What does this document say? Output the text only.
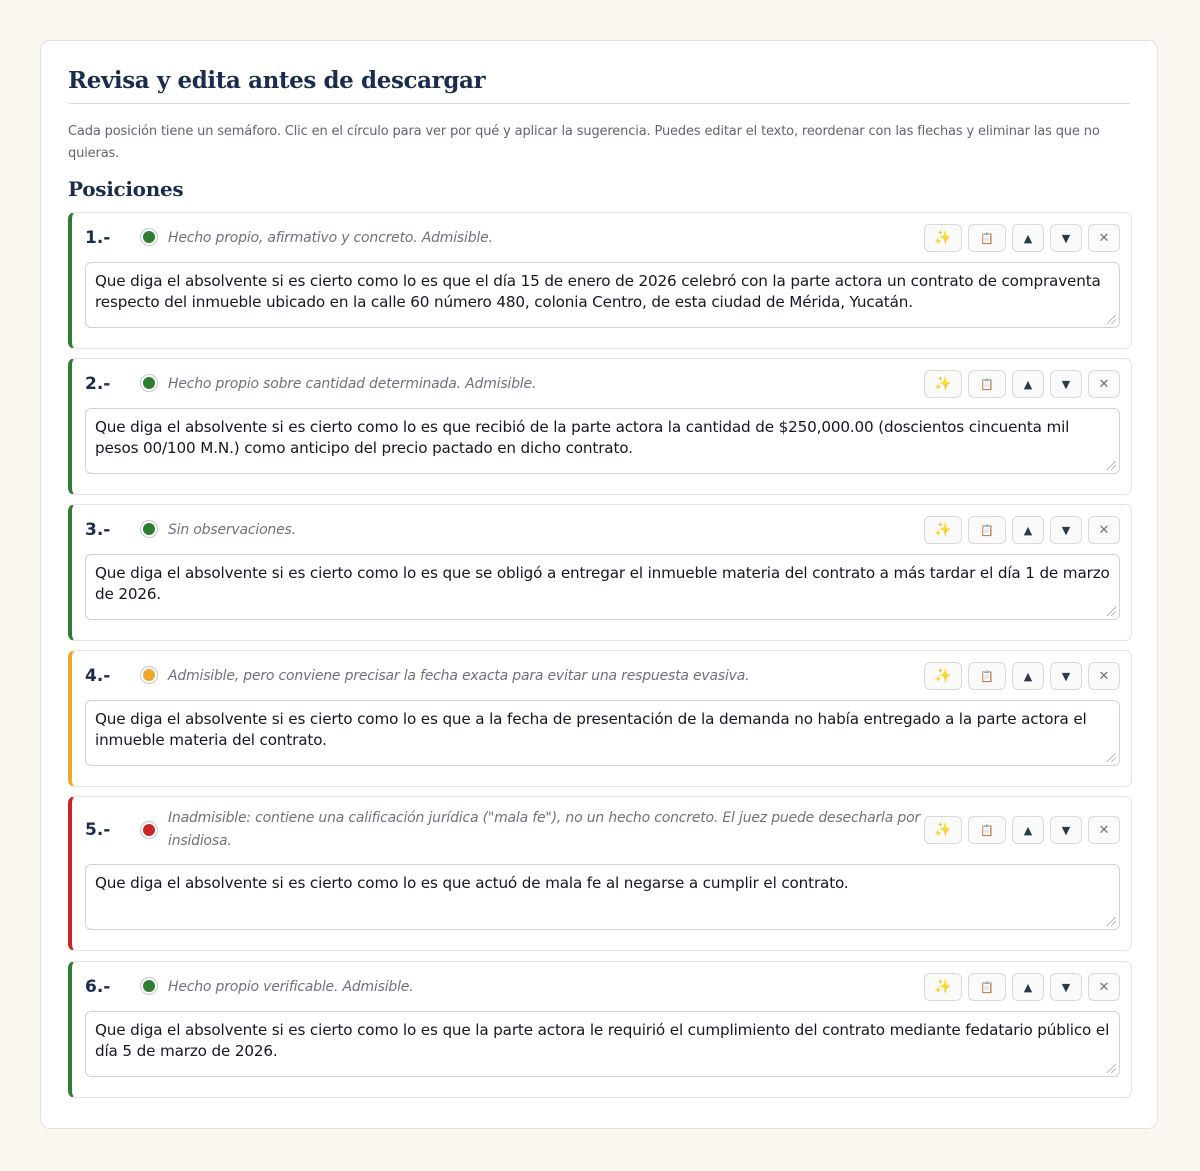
Revisa y edita antes de descargar

Cada posición tiene un semáforo. Clic en el círculo para ver por qué y aplicar la sugerencia. Puedes editar el texto, reordenar con las flechas y eliminar las que no quieras.

Posiciones
1.-	Hecho propio, afirmativo y concreto. Admisible.	✨	📋	▲	▼ ✕
Que diga el absolvente si es cierto como lo es que el día 15 de enero de 2026 celebró con la parte actora un contrato de compraventa respecto del inmueble ubicado en la calle 60 número 480, colonia Centro, de esta ciudad de Mérida, Yucatán.
2.-	Hecho propio sobre cantidad determinada. Admisible.	✨	📋	▲	▼ ✕
Que diga el absolvente si es cierto como lo es que recibió de la parte actora la cantidad de $250,000.00 (doscientos cincuenta mil pesos 00/100 M.N.) como anticipo del precio pactado en dicho contrato.
3.-	Sin observaciones.	✨	📋	▲	▼ ✕
Que diga el absolvente si es cierto como lo es que se obligó a entregar el inmueble materia del contrato a más tardar el día 1 de marzo de 2026.
4.-	Admisible, pero conviene precisar la fecha exacta para evitar una respuesta evasiva.	✨	📋	▲	▼ ✕
Que diga el absolvente si es cierto como lo es que a la fecha de presentación de la demanda no había entregado a la parte actora el inmueble materia del contrato.
5.-
Inadmisible: contiene una calificación jurídica ("mala fe"), no un hecho concreto. El juez puede desecharla por insidiosa.
✨	📋	▲	▼ ✕
Que diga el absolvente si es cierto como lo es que actuó de mala fe al negarse a cumplir el contrato.
6.-	Hecho propio verificable. Admisible.	✨	📋	▲	▼ ✕
Que diga el absolvente si es cierto como lo es que la parte actora le requirió el cumplimiento del contrato mediante fedatario público el día 5 de marzo de 2026.
